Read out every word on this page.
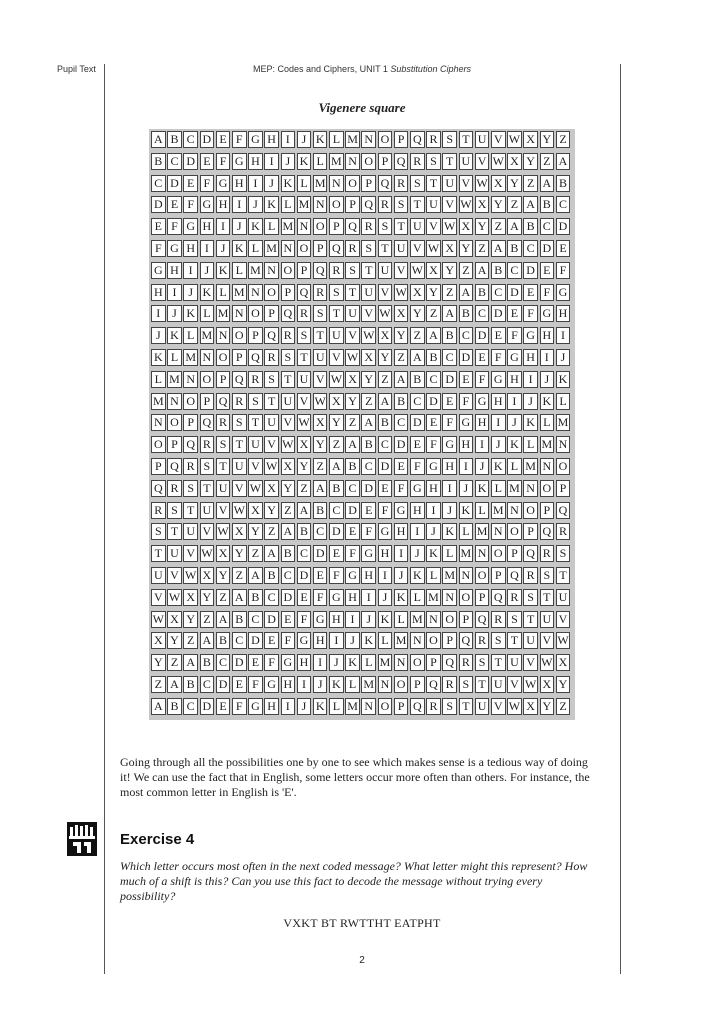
Pupil Text	MEP: Codes and Ciphers, UNIT 1 Substitution Ciphers
Vigenere square
A B C D E F G H I J K L M N O P Q R S T U V W X Y Z
B C D E F G H I J K L M N O P Q R S T U V W X Y Z A
C D E F G H I J K L M N O P Q R S T U V W X Y Z A B
D E F G H I J K L M N O P Q R S T U V W X Y Z A B C
E F G H I J K L M N O P Q R S T U V W X Y Z A B C D
F G H I J K L M N O P Q R S T U V W X Y Z A B C D E
G H I J K L M N O P Q R S T U V W X Y Z A B C D E F
H I J K L M N O P Q R S T U V W X Y Z A B C D E F G
I J K L M N O P Q R S T U V W X Y Z A B C D E F G H
J K L M N O P Q R S T U V W X Y Z A B C D E F G H I
K L M N O P Q R S T U V W X Y Z A B C D E F G H I J
L M N O P Q R S T U V W X Y Z A B C D E F G H I J K
M N O P Q R S T U V W X Y Z A B C D E F G H I J K L
N O P Q R S T U V W X Y Z A B C D E F G H I J K L M
O P Q R S T U V W X Y Z A B C D E F G H I J K L M N
P Q R S T U V W X Y Z A B C D E F G H I J K L M N O
Q R S T U V W X Y Z A B C D E F G H I J K L M N O P
R S T U V W X Y Z A B C D E F G H I J K L M N O P Q
S T U V W X Y Z A B C D E F G H I J K L M N O P Q R
T U V W X Y Z A B C D E F G H I J K L M N O P Q R S
U V W X Y Z A B C D E F G H I J K L M N O P Q R S T
V W X Y Z A B C D E F G H I J K L M N O P Q R S T U
W X Y Z A B C D E F G H I J K L M N O P Q R S T U V
X Y Z A B C D E F G H I J K L M N O P Q R S T U V W
Y Z A B C D E F G H I J K L M N O P Q R S T U V W X
Z A B C D E F G H I J K L M N O P Q R S T U V W X Y
A B C D E F G H I J K L M N O P Q R S T U V W X Y Z
Going through all the possibilities one by one to see which makes sense is a tedious way of doing it! We can use the fact that in English, some letters occur more often than others. For instance, the most common letter in English is 'E'.
Exercise 4
Which letter occurs most often in the next coded message? What letter might this represent? How much of a shift is this? Can you use this fact to decode the message without trying every possibility?
VXKT BT RWTTHT EATPHT
2
